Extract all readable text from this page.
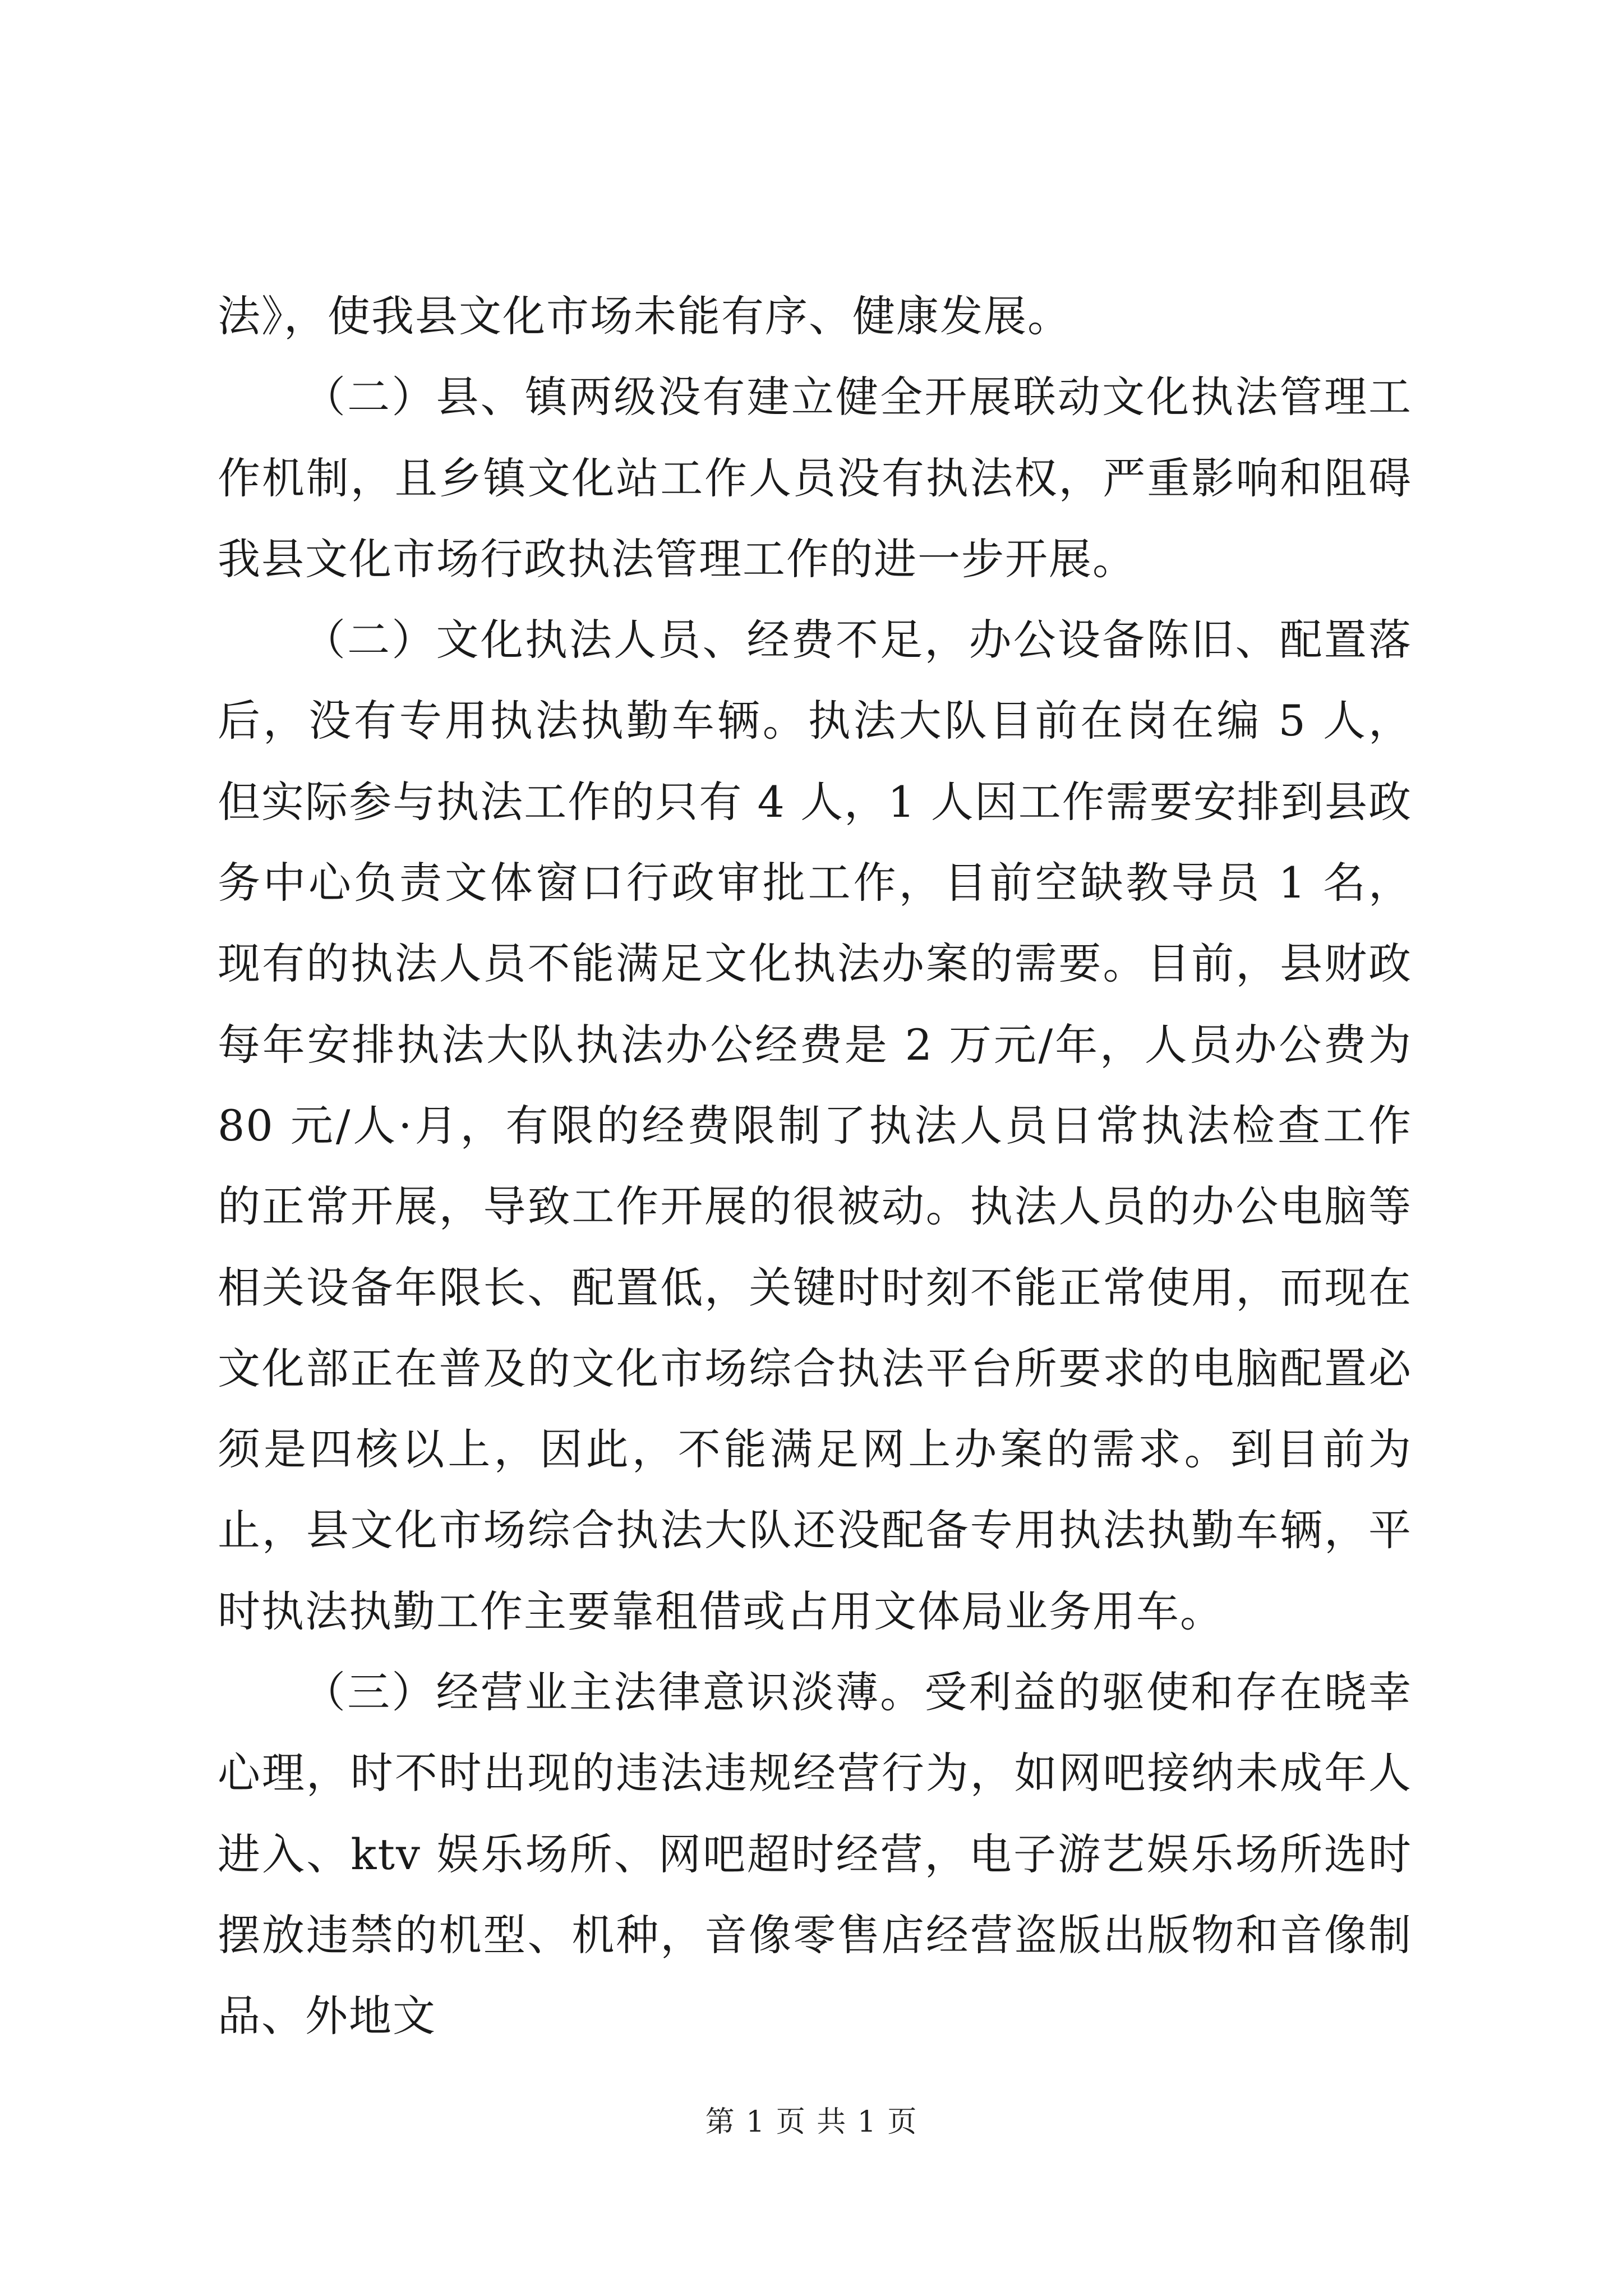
法》，使我县文化市场未能有序、健康发展。

（二）县、镇两级没有建立健全开展联动文化执法管理工作机制，且乡镇文化站工作人员没有执法权，严重影响和阻碍我县文化市场行政执法管理工作的进一步开展。

（二）文化执法人员、经费不足，办公设备陈旧、配置落后，没有专用执法执勤车辆。执法大队目前在岗在编 5 人，但实际参与执法工作的只有 4 人，1 人因工作需要安排到县政务中心负责文体窗口行政审批工作，目前空缺教导员 1 名，现有的执法人员不能满足文化执法办案的需要。目前，县财政每年安排执法大队执法办公经费是 2 万元/年，人员办公费为 80 元/人·月，有限的经费限制了执法人员日常执法检查工作的正常开展，导致工作开展的很被动。执法人员的办公电脑等相关设备年限长、配置低，关键时时刻不能正常使用，而现在文化部正在普及的文化市场综合执法平台所要求的电脑配置必须是四核以上，因此，不能满足网上办案的需求。到目前为止，县文化市场综合执法大队还没配备专用执法执勤车辆，平时执法执勤工作主要靠租借或占用文体局业务用车。

（三）经营业主法律意识淡薄。受利益的驱使和存在晓幸心理，时不时出现的违法违规经营行为，如网吧接纳未成年人进入、ktv 娱乐场所、网吧超时经营，电子游艺娱乐场所选时摆放违禁的机型、机种，音像零售店经营盗版出版物和音像制品、外地文

第 1 页 共 1 页
